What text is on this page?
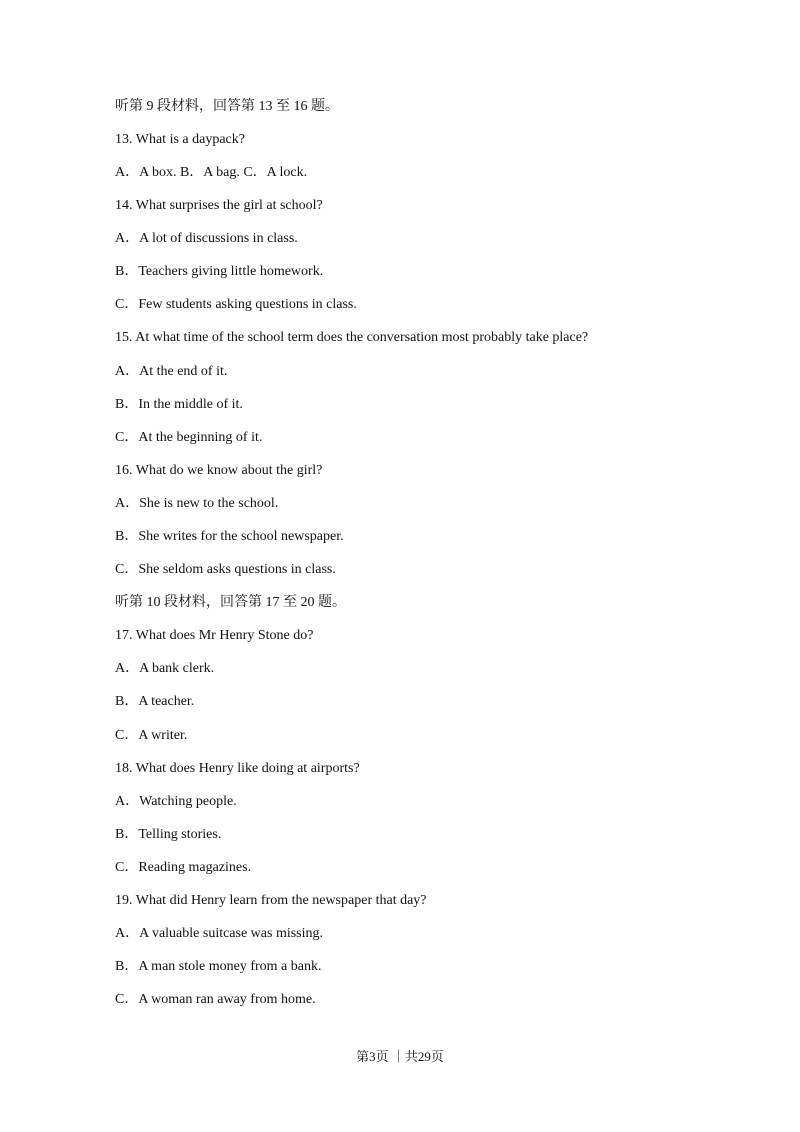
听第 9 段材料，回答第 13 至 16 题。
13. What is a daypack?
A．A box. B．A bag. C．A lock.
14. What surprises the girl at school?
A．A lot of discussions in class.
B．Teachers giving little homework.
C．Few students asking questions in class.
15. At what time of the school term does the conversation most probably take place?
A．At the end of it.
B．In the middle of it.
C．At the beginning of it.
16. What do we know about the girl?
A．She is new to the school.
B．She writes for the school newspaper.
C．She seldom asks questions in class.
听第 10 段材料，回答第 17 至 20 题。
17. What does Mr Henry Stone do?
A．A bank clerk.
B．A teacher.
C．A writer.
18. What does Henry like doing at airports?
A．Watching people.
B．Telling stories.
C．Reading magazines.
19. What did Henry learn from the newspaper that day?
A．A valuable suitcase was missing.
B．A man stole money from a bank.
C．A woman ran away from home.
第3页 ｜共29页
